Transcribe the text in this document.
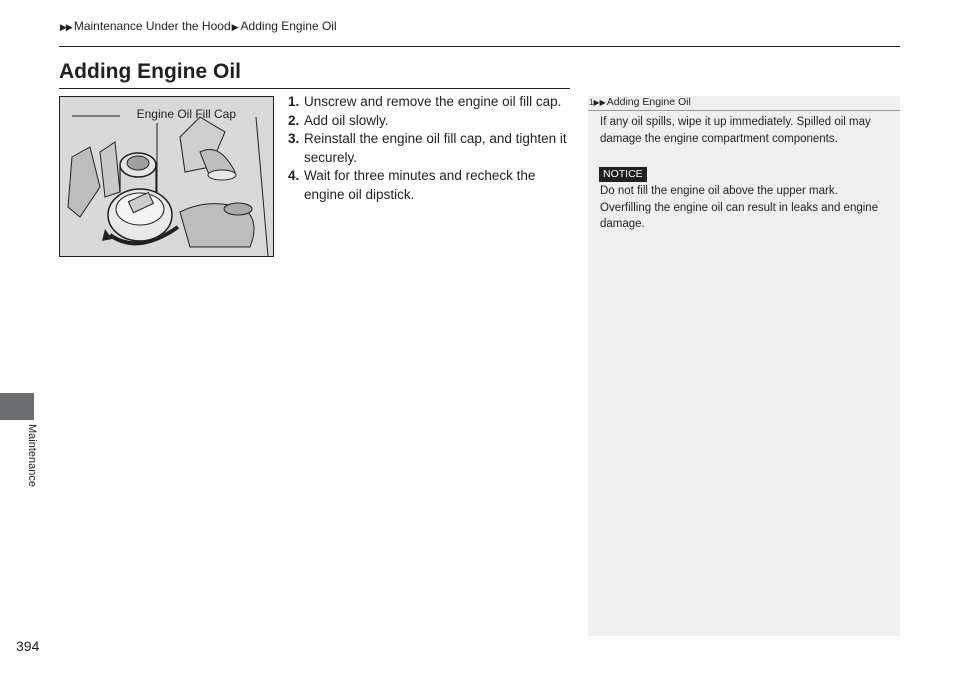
▶▶ Maintenance Under the Hood▶ Adding Engine Oil
Adding Engine Oil
Engine Oil Fill Cap
1. Unscrew and remove the engine oil fill cap.
2. Add oil slowly.
3. Reinstall the engine oil fill cap, and tighten it securely.
4. Wait for three minutes and recheck the engine oil dipstick.
1▶▶Adding Engine Oil
If any oil spills, wipe it up immediately. Spilled oil may damage the engine compartment components.
NOTICE
Do not fill the engine oil above the upper mark. Overfilling the engine oil can result in leaks and engine damage.
Maintenance
394
